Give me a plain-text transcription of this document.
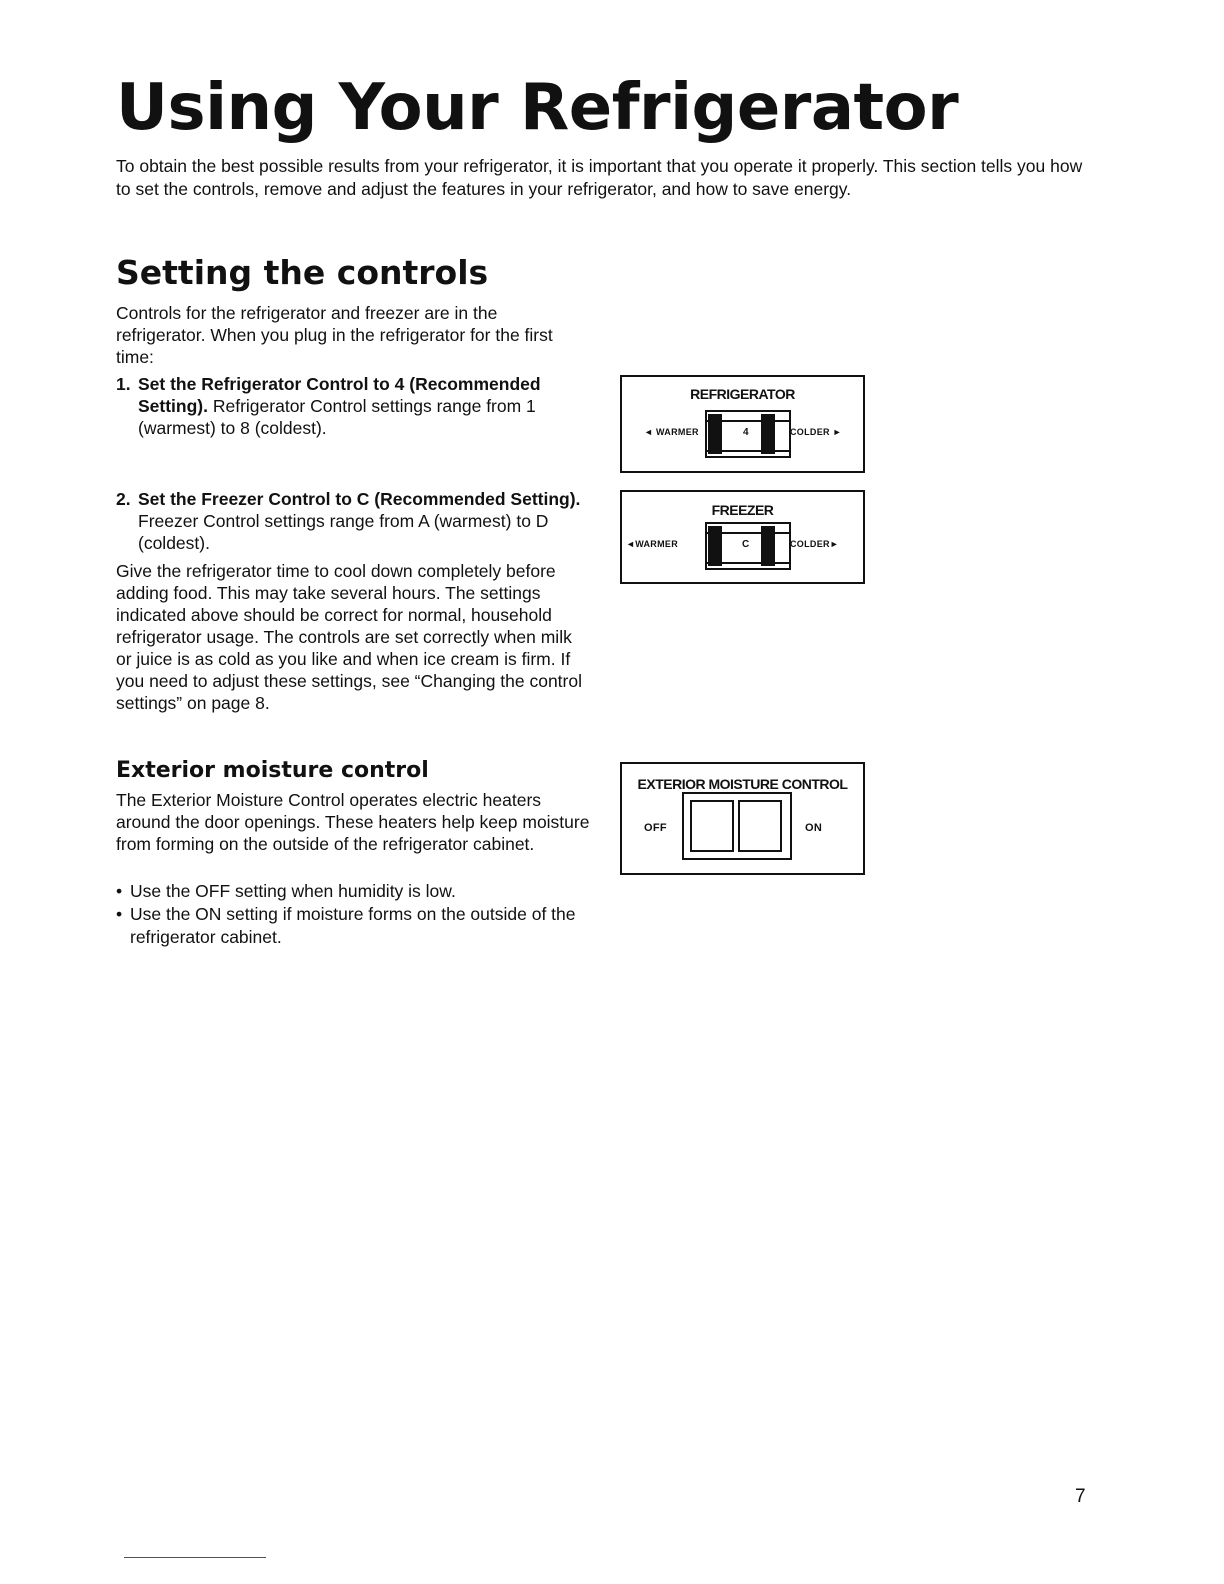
Using Your Refrigerator

To obtain the best possible results from your refrigerator, it is important that you operate it properly. This section tells you how to set the controls, remove and adjust the features in your refrigerator, and how to save energy.

Setting the controls

Controls for the refrigerator and freezer are in the refrigerator. When you plug in the refrigerator for the first time:

1. Set the Refrigerator Control to 4 (Recommended Setting). Refrigerator Control settings range from 1 (warmest) to 8 (coldest).
2. Set the Freezer Control to C (Recommended Setting). Freezer Control settings range from A (warmest) to D (coldest).

Give the refrigerator time to cool down completely before adding food. This may take several hours. The settings indicated above should be correct for normal, household refrigerator usage. The controls are set correctly when milk or juice is as cold as you like and when ice cream is firm. If you need to adjust these settings, see “Changing the control settings” on page 8.

Exterior moisture control

The Exterior Moisture Control operates electric heaters around the door openings. These heaters help keep moisture from forming on the outside of the refrigerator cabinet.

• Use the OFF setting when humidity is low.
• Use the ON setting if moisture forms on the outside of the refrigerator cabinet.
REFRIGERATOR
◄ WARMER	4	COLDER ►
FREEZER
◄WARMER	C	COLDER►
EXTERIOR MOISTURE CONTROL
OFF	ON
7
